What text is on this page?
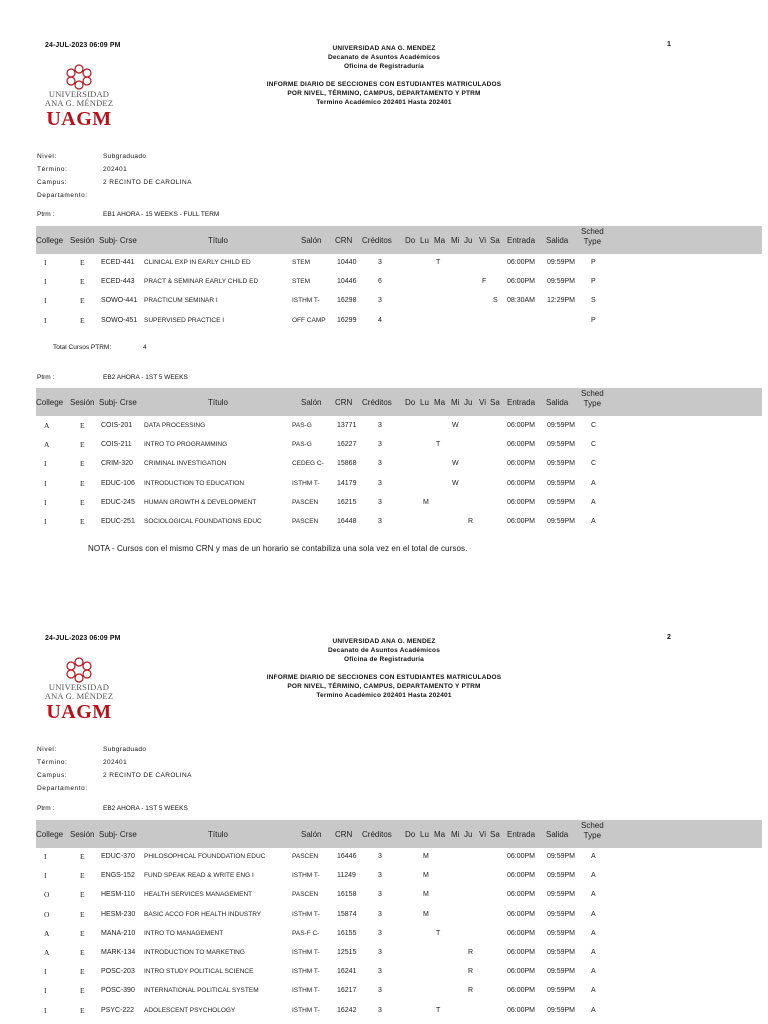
24-JUL-2023 06:09 PM	1
UNIVERSIDAD ANA G. MENDEZ
Decanato de Asuntos Académicos
Oficina de Registraduría
INFORME DIARIO DE SECCIONES CON ESTUDIANTES MATRICULADOS
POR NIVEL, TÉRMINO, CAMPUS, DEPARTAMENTO Y PTRM
Termino Académico 202401 Hasta 202401
UNIVERSIDAD
ANA G. MÉNDEZ
UAGM
Nivel:	Subgraduado
Término:	202401
Campus:	2 RECINTO DE CAROLINA
Departamento:
Ptrm :	EB1 AHORA - 15 WEEKS - FULL TERM
College Sesión Subj- Crse	Título	Salón CRN Créditos Do Lu Ma Mi Ju Vi Sa Entrada Salida
Sched
Type
I	E ECED-441 CLINICAL EXP IN EARLY CHILD ED	STEM	10440	3	T	06:00PM 09:59PM P
I	E ECED-443 PRACT & SEMINAR EARLY CHILD ED	STEM	10446	6	F	06:00PM 09:59PM P
I	E SOWO-441 PRACTICUM SEMINAR I	ISTHM T- 16298	3	S 08:30AM 12:29PM S
I	E SOWO-451 SUPERVISED PRACTICE I	OFF CAMP 16299	4	P
Total Cursos PTRM:	4
Ptrm :	EB2 AHORA - 1ST 5 WEEKS
College Sesión Subj- Crse	Título	Salón CRN Créditos Do Lu Ma Mi Ju Vi Sa Entrada Salida
Sched
Type
A	E COIS-201 DATA PROCESSING	PAS-G	13771	3	W	06:00PM 09:59PM C
A	E COIS-211 INTRO TO PROGRAMMING	PAS-G	16227	3	T	06:00PM 09:59PM C
I	E CRIM-320 CRIMINAL INVESTIGATION	CEDEG C- 15868	3	W	06:00PM 09:59PM C
I	E EDUC-106 INTRODUCTION TO EDUCATION	ISTHM T- 14179	3	W	06:00PM 09:59PM A
I	E EDUC-245 HUMAN GROWTH & DEVELOPMENT	PASCEN	16215	3	M	06:00PM 09:59PM A
I	E EDUC-251 SOCIOLOGICAL FOUNDATIONS EDUC	PASCEN	16448	3	R	06:00PM 09:59PM A
NOTA - Cursos con el mismo CRN y mas de un horario se contabiliza una sola vez en el total de cursos.
24-JUL-2023 06:09 PM	2
UNIVERSIDAD ANA G. MENDEZ
Decanato de Asuntos Académicos
Oficina de Registraduría
INFORME DIARIO DE SECCIONES CON ESTUDIANTES MATRICULADOS
POR NIVEL, TÉRMINO, CAMPUS, DEPARTAMENTO Y PTRM
Termino Académico 202401 Hasta 202401
UNIVERSIDAD
ANA G. MÉNDEZ
UAGM
Nivel:	Subgraduado
Término:	202401
Campus:	2 RECINTO DE CAROLINA
Departamento:
Ptrm :	EB2 AHORA - 1ST 5 WEEKS
College Sesión Subj- Crse	Título	Salón CRN Créditos Do Lu Ma Mi Ju Vi Sa Entrada Salida
Sched
Type
I	E EDUC-370 PHILOSOPHICAL FOUNDDATION EDUC	PASCEN	16446	3	M	06:00PM 09:59PM A
I	E ENGS-152 FUND SPEAK READ & WRITE ENG I	ISTHM T- 11249	3	M	06:00PM 09:59PM A
O	E HESM-110 HEALTH SERVICES MANAGEMENT	PASCEN	16158	3	M	06:00PM 09:59PM A
O	E HESM-230 BASIC ACCO FOR HEALTH INDUSTRY	ISTHM T- 15874	3	M	06:00PM 09:59PM A
A	E MANA-210 INTRO TO MANAGEMENT	PAS-F C-	16155	3	T	06:00PM 09:59PM A
A	E MARK-134 INTRODUCTION TO MARKETING	ISTHM T- 12515	3	R	06:00PM 09:59PM A
I	E POSC-203 INTRO STUDY POLITICAL SCIENCE	ISTHM T- 16241	3	R	06:00PM 09:59PM A
I	E POSC-390 INTERNATIONAL POLITICAL SYSTEM	ISTHM T- 16217	3	R	06:00PM 09:59PM A
I	E PSYC-222 ADOLESCENT PSYCHOLOGY	ISTHM T- 16242	3	T	06:00PM 09:59PM A
